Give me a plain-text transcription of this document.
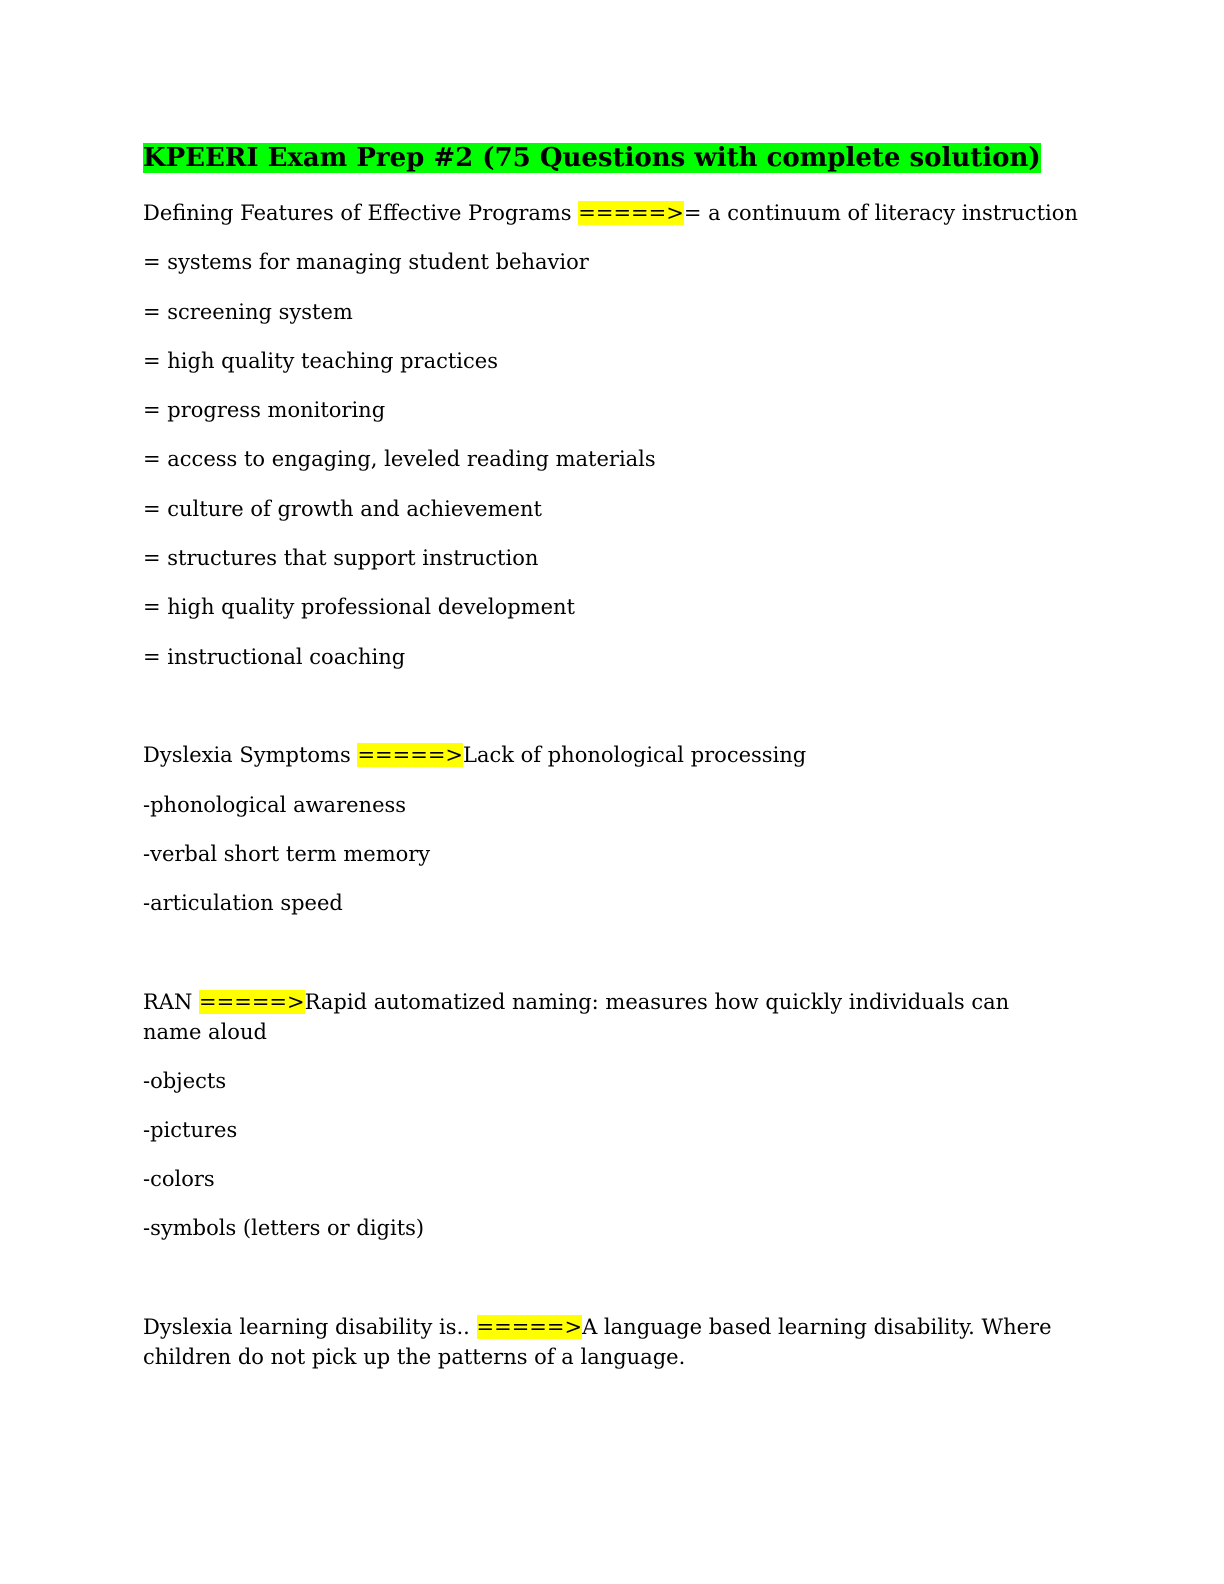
KPEERI Exam Prep #2 (75 Questions with complete solution)
Defining Features of Effective Programs =====>= a continuum of literacy instruction
= systems for managing student behavior
= screening system
= high quality teaching practices
= progress monitoring
= access to engaging, leveled reading materials
= culture of growth and achievement
= structures that support instruction
= high quality professional development
= instructional coaching
Dyslexia Symptoms =====>Lack of phonological processing
-phonological awareness
-verbal short term memory
-articulation speed
RAN =====>Rapid automatized naming: measures how quickly individuals can name aloud
-objects
-pictures
-colors
-symbols (letters or digits)
Dyslexia learning disability is.. =====>A language based learning disability. Where children do not pick up the patterns of a language.
